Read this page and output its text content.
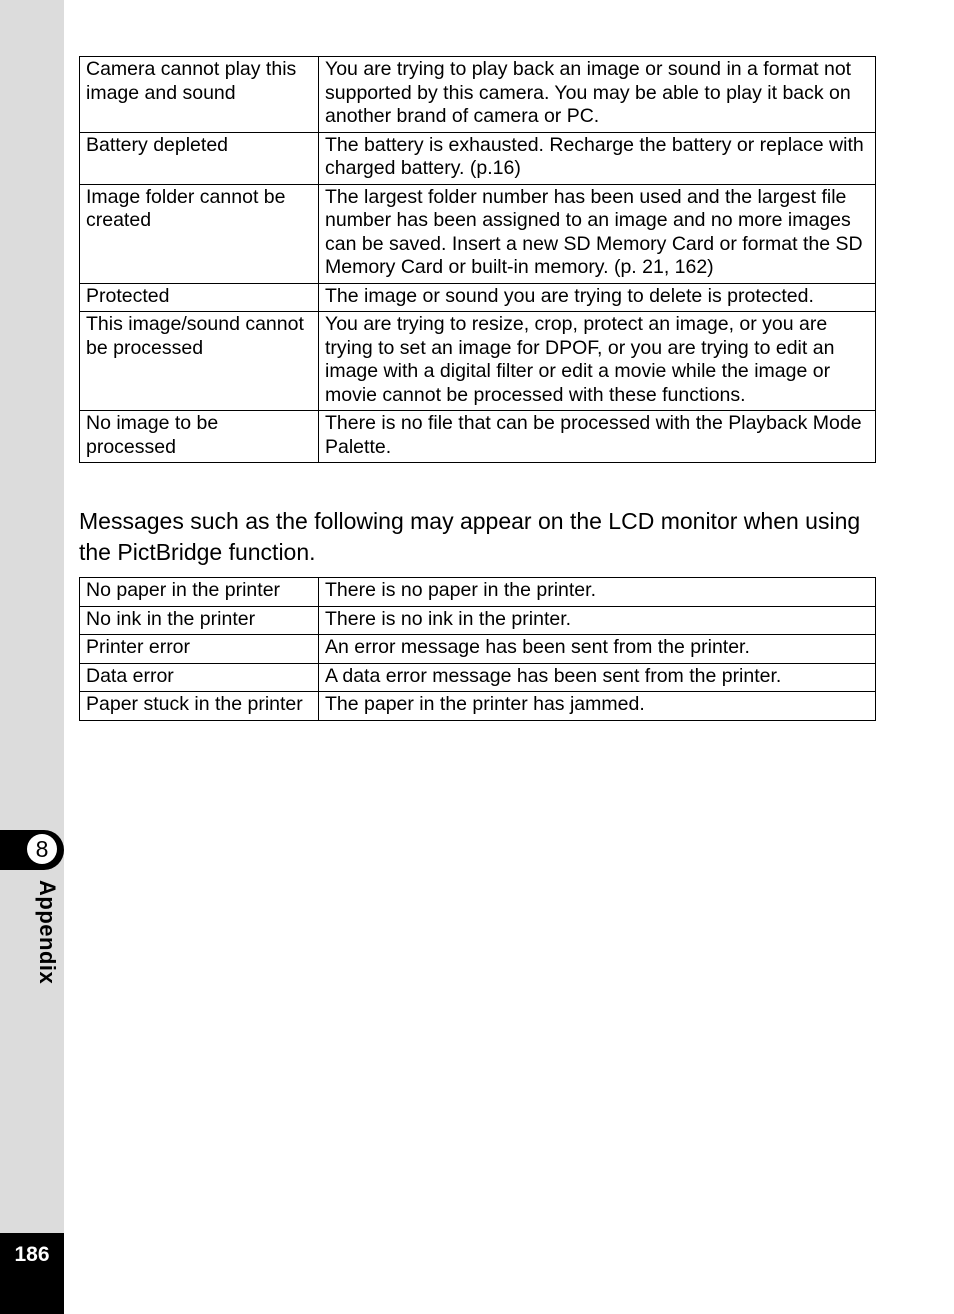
8
Appendix
186
Camera cannot play this image and sound	You are trying to play back an image or sound in a format not supported by this camera. You may be able to play it back on another brand of camera or PC.
Battery depleted	The battery is exhausted. Recharge the battery or replace with charged battery. (p.16)
Image folder cannot be created	The largest folder number has been used and the largest file number has been assigned to an image and no more images can be saved. Insert a new SD Memory Card or format the SD Memory Card or built-in memory. (p. 21, 162)
Protected	The image or sound you are trying to delete is protected.
This image/sound cannot be processed	You are trying to resize, crop, protect an image, or you are trying to set an image for DPOF, or you are trying to edit an image with a digital filter or edit a movie while the image or movie cannot be processed with these functions.
No image to be processed	There is no file that can be processed with the Playback Mode Palette.
Messages such as the following may appear on the LCD monitor when using the PictBridge function.
No paper in the printer	There is no paper in the printer.
No ink in the printer	There is no ink in the printer.
Printer error	An error message has been sent from the printer.
Data error	A data error message has been sent from the printer.
Paper stuck in the printer	The paper in the printer has jammed.
